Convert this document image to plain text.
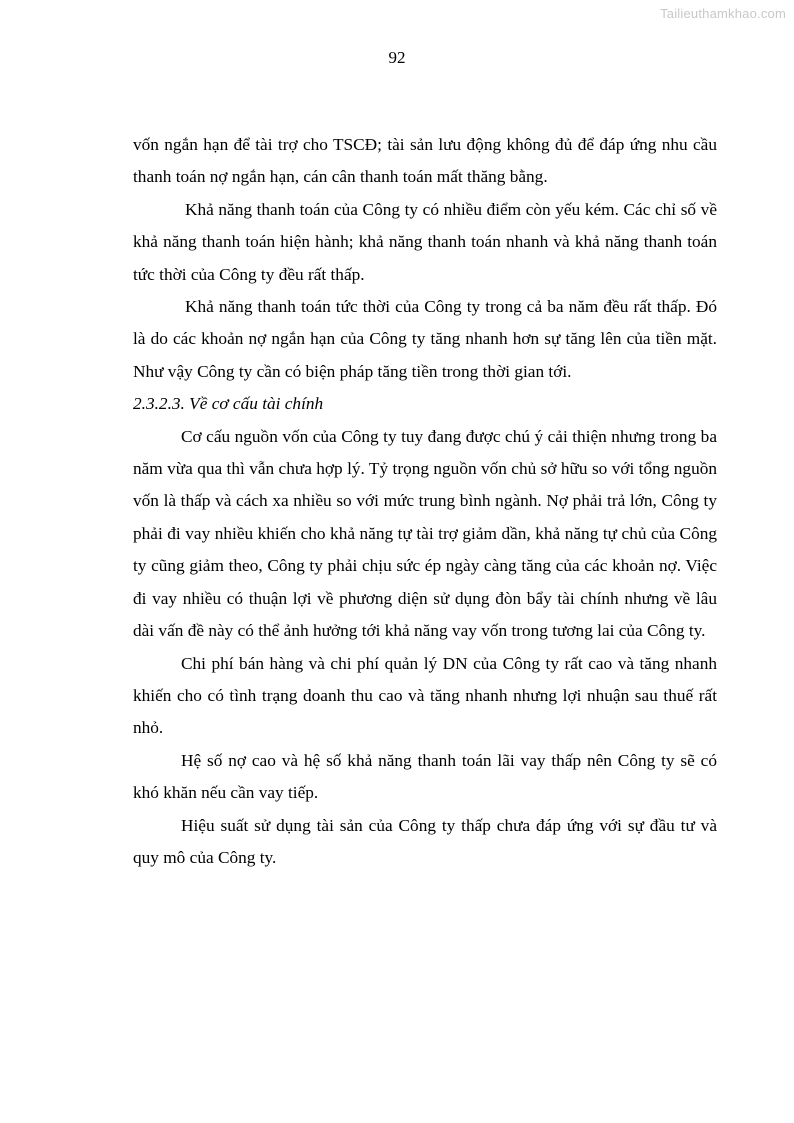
Tailieuthamkhao.com
92

vốn ngắn hạn để tài trợ cho TSCĐ; tài sản lưu động không đủ để đáp ứng nhu cầu thanh toán nợ ngắn hạn, cán cân thanh toán mất thăng bằng.

Khả năng thanh toán của Công ty có nhiều điểm còn yếu kém. Các chỉ số về khả năng thanh toán hiện hành; khả năng thanh toán nhanh và khả năng thanh toán tức thời của Công ty đều rất thấp.

Khả năng thanh toán tức thời của Công ty trong cả ba năm đều rất thấp. Đó là do các khoản nợ ngắn hạn của Công ty tăng nhanh hơn sự tăng lên của tiền mặt. Như vậy Công ty cần có biện pháp tăng tiền trong thời gian tới.

2.3.2.3. Về cơ cấu tài chính

Cơ cấu nguồn vốn của Công ty tuy đang được chú ý cải thiện nhưng trong ba năm vừa qua thì vẫn chưa hợp lý. Tỷ trọng nguồn vốn chủ sở hữu so với tổng nguồn vốn là thấp và cách xa nhiều so với mức trung bình ngành. Nợ phải trả lớn, Công ty phải đi vay nhiều khiến cho khả năng tự tài trợ giảm dần, khả năng tự chủ của Công ty cũng giảm theo, Công ty phải chịu sức ép ngày càng tăng của các khoản nợ. Việc đi vay nhiều có thuận lợi về phương diện sử dụng đòn bẩy tài chính nhưng về lâu dài vấn đề này có thể ảnh hưởng tới khả năng vay vốn trong tương lai của Công ty.

Chi phí bán hàng và chi phí quản lý DN của Công ty rất cao và tăng nhanh khiến cho có tình trạng doanh thu cao và tăng nhanh nhưng lợi nhuận sau thuế rất nhỏ.

Hệ số nợ cao và hệ số khả năng thanh toán lãi vay thấp nên Công ty sẽ có khó khăn nếu cần vay tiếp.

Hiệu suất sử dụng tài sản của Công ty thấp chưa đáp ứng với sự đầu tư và quy mô của Công ty.
